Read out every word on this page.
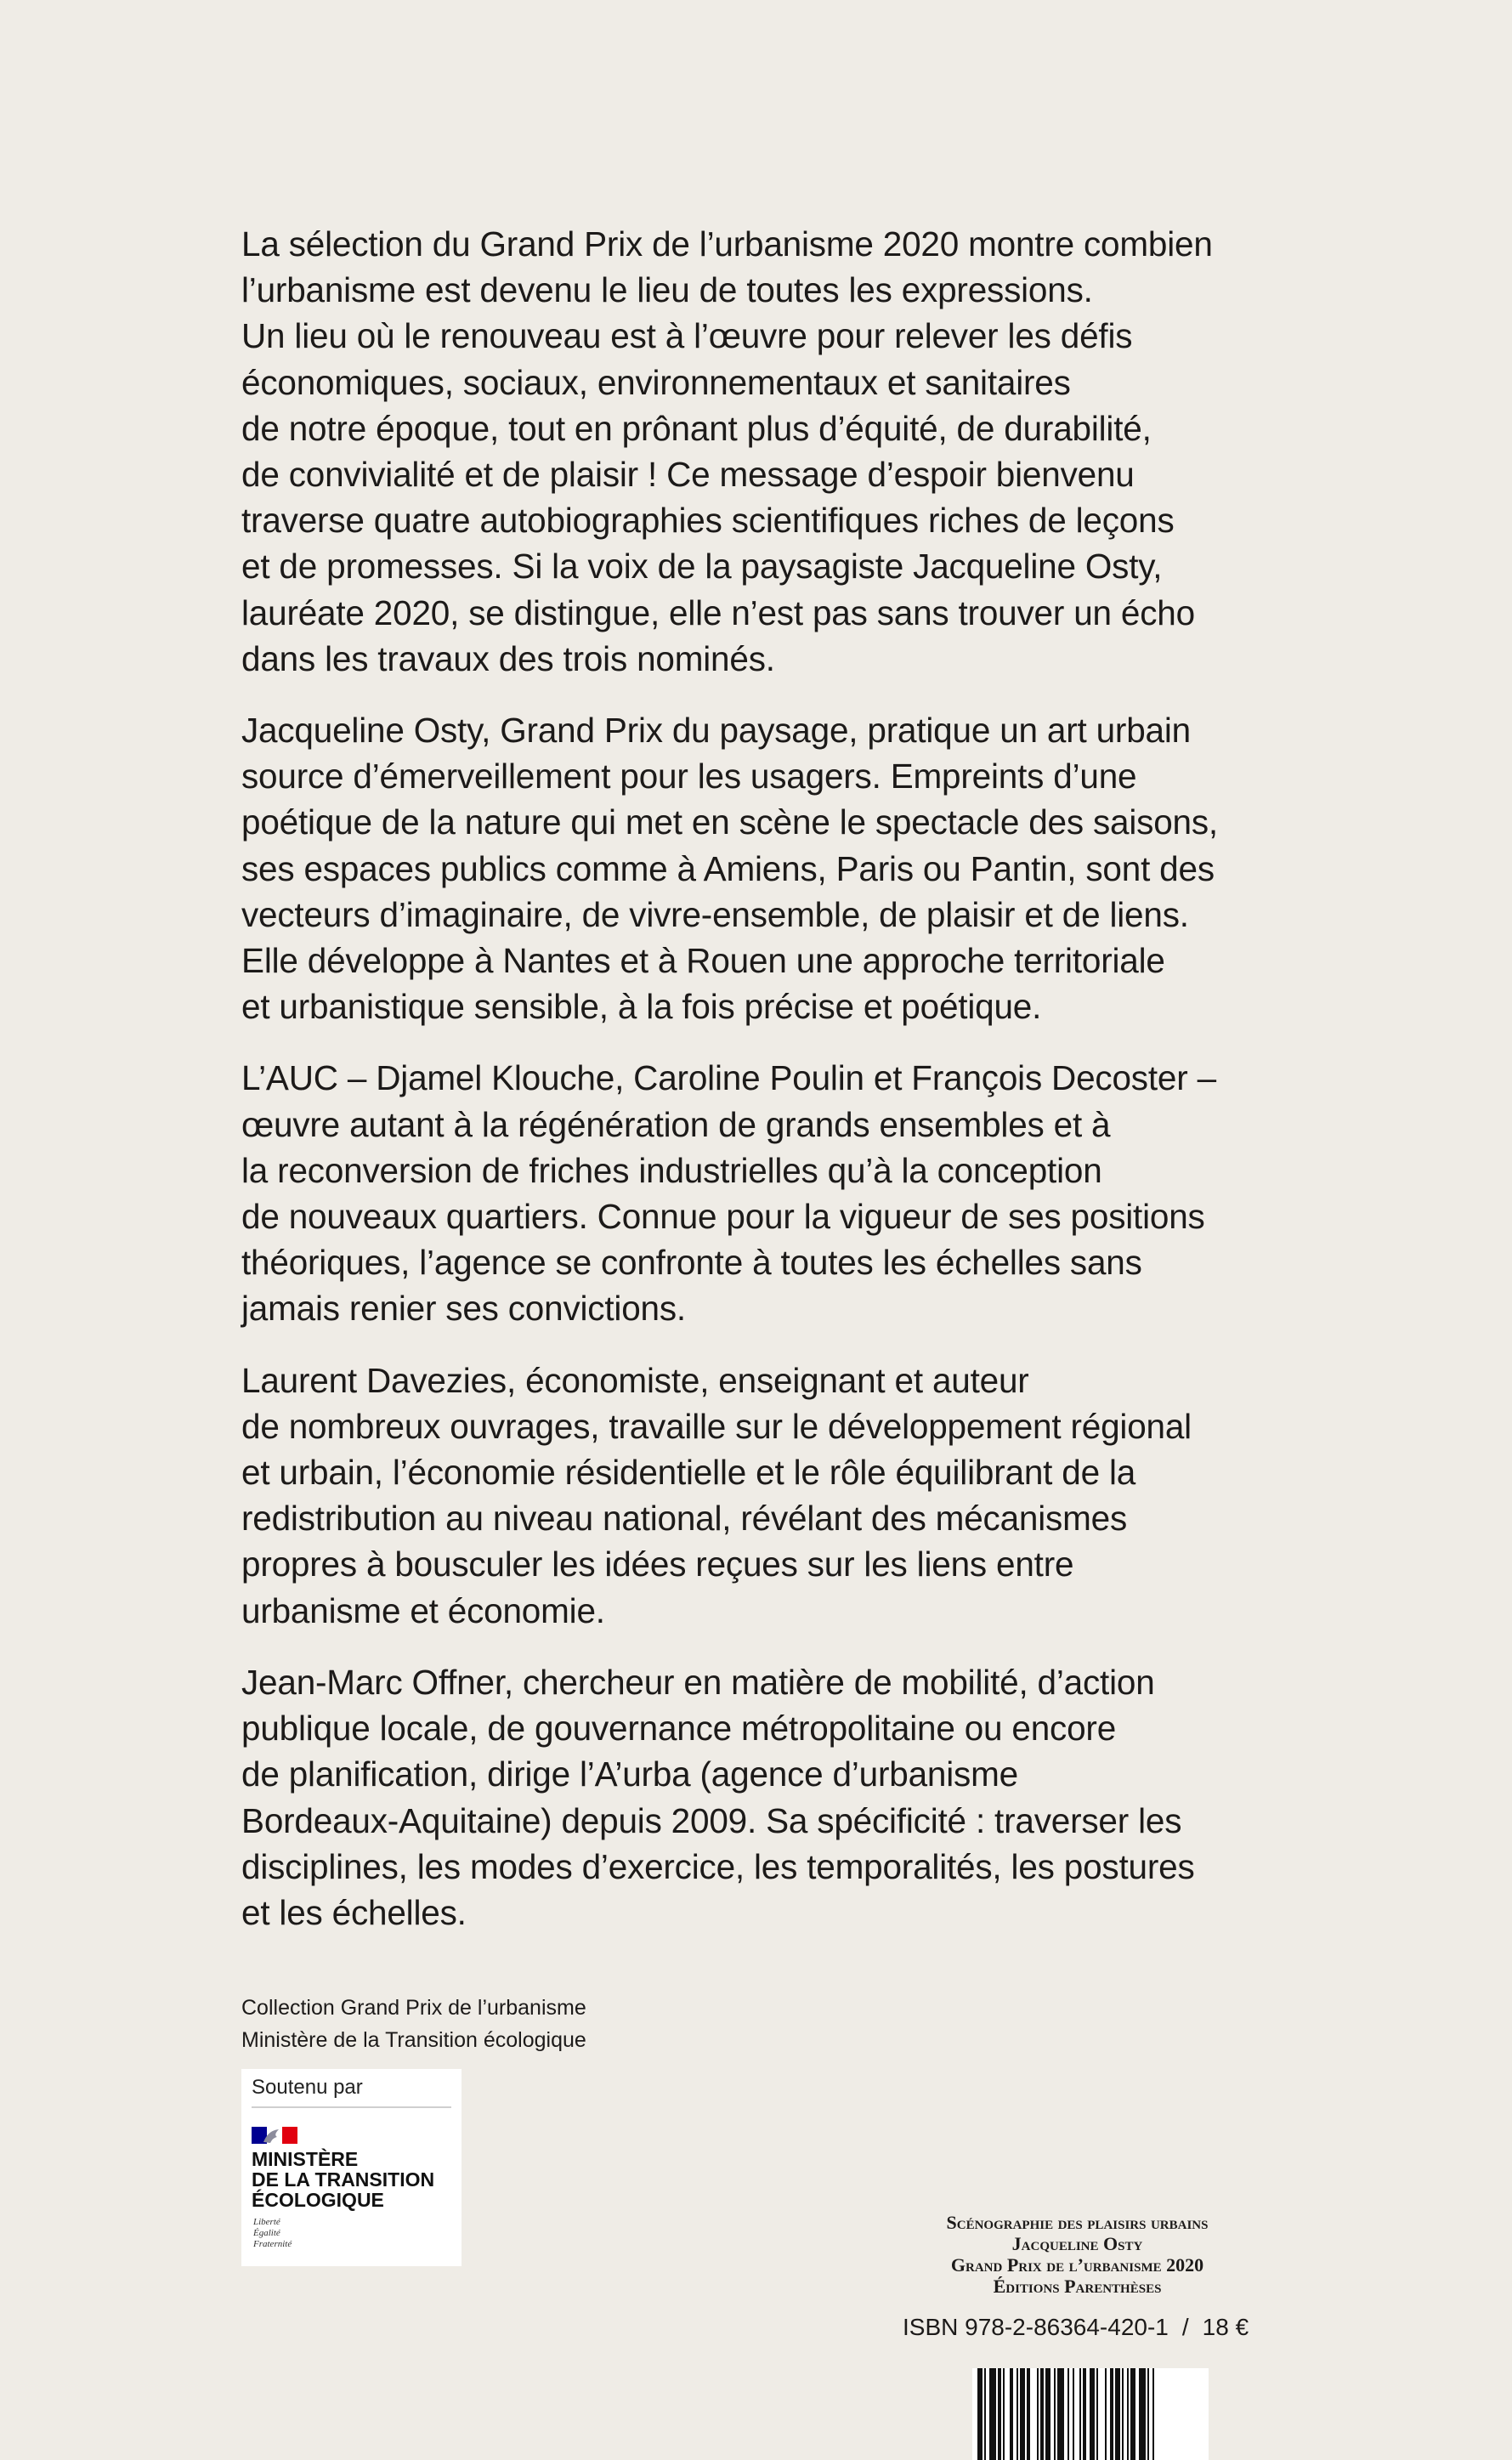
La sélection du Grand Prix de l’urbanisme 2020 montre combien
l’urbanisme est devenu le lieu de toutes les expressions.
Un lieu où le renouveau est à l’œuvre pour relever les défis
économiques, sociaux, environnementaux et sanitaires
de notre époque, tout en prônant plus d’équité, de durabilité,
de convivialité et de plaisir ! Ce message d’espoir bienvenu
traverse quatre autobiographies scientifiques riches de leçons
et de promesses. Si la voix de la paysagiste Jacqueline Osty,
lauréate 2020, se distingue, elle n’est pas sans trouver un écho
dans les travaux des trois nominés.

Jacqueline Osty, Grand Prix du paysage, pratique un art urbain
source d’émerveillement pour les usagers. Empreints d’une
poétique de la nature qui met en scène le spectacle des saisons,
ses espaces publics comme à Amiens, Paris ou Pantin, sont des
vecteurs d’imaginaire, de vivre-ensemble, de plaisir et de liens.
Elle développe à Nantes et à Rouen une approche territoriale
et urbanistique sensible, à la fois précise et poétique.

L’AUC – Djamel Klouche, Caroline Poulin et François Decoster –
œuvre autant à la régénération de grands ensembles et à
la reconversion de friches industrielles qu’à la conception
de nouveaux quartiers. Connue pour la vigueur de ses positions
théoriques, l’agence se confronte à toutes les échelles sans
jamais renier ses convictions.

Laurent Davezies, économiste, enseignant et auteur
de nombreux ouvrages, travaille sur le développement régional
et urbain, l’économie résidentielle et le rôle équilibrant de la
redistribution au niveau national, révélant des mécanismes
propres à bousculer les idées reçues sur les liens entre
urbanisme et économie.

Jean-Marc Offner, chercheur en matière de mobilité, d’action
publique locale, de gouvernance métropolitaine ou encore
de planification, dirige l’A’urba (agence d’urbanisme
Bordeaux-Aquitaine) depuis 2009. Sa spécificité : traverser les
disciplines, les modes d’exercice, les temporalités, les postures
et les échelles.

Collection Grand Prix de l’urbanisme
Ministère de la Transition écologique
Soutenu par
MINISTÈRE
DE LA TRANSITION
ÉCOLOGIQUE
Liberté
Égalité
Fraternité
Scénographie des plaisirs urbains
Jacqueline Osty
Grand Prix de l’urbanisme 2020
Éditions Parenthèses
ISBN 978-2-86364-420-1 / 18 €
